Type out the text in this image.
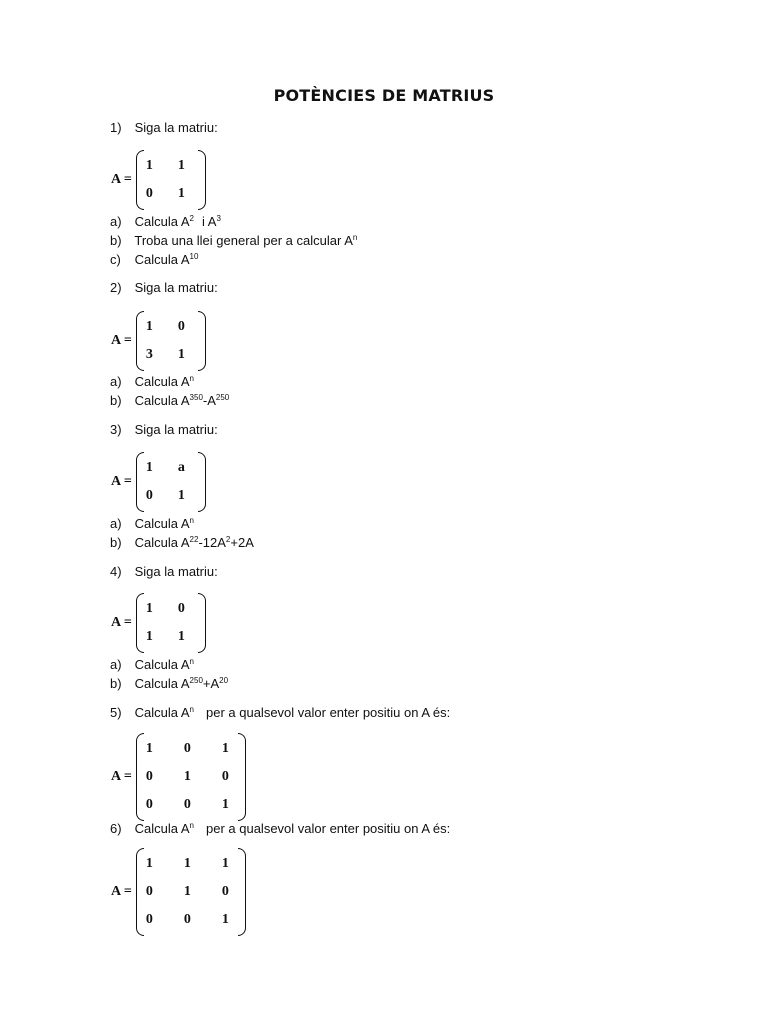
POTÈNCIES DE MATRIUS
1) Siga la matriu:
A =
1	1
0	1
a) Calcula $A^2$ i $A^3$
b) Troba una llei general per a calcular $A^n$
c) Calcula $A^{10}$
2) Siga la matriu:
A =
1	0
3	1
a) Calcula $A^n$
b) Calcula $A^{350}-A^{250}$
3) Siga la matriu:
A =
1	a
0	1
a) Calcula $A^n$
b) Calcula $A^{22}-12A^2+2A$
4) Siga la matriu:
A =
1	0
1	1
a) Calcula $A^n$
b) Calcula $A^{250}+A^{20}$
5) Calcula $A^n$ per a qualsevol valor enter positiu on A és:
A =
1	0	1
0	1	0
0	0	1
6) Calcula $A^n$ per a qualsevol valor enter positiu on A és:
A =
1	1	1
0	1	0
0	0	1
